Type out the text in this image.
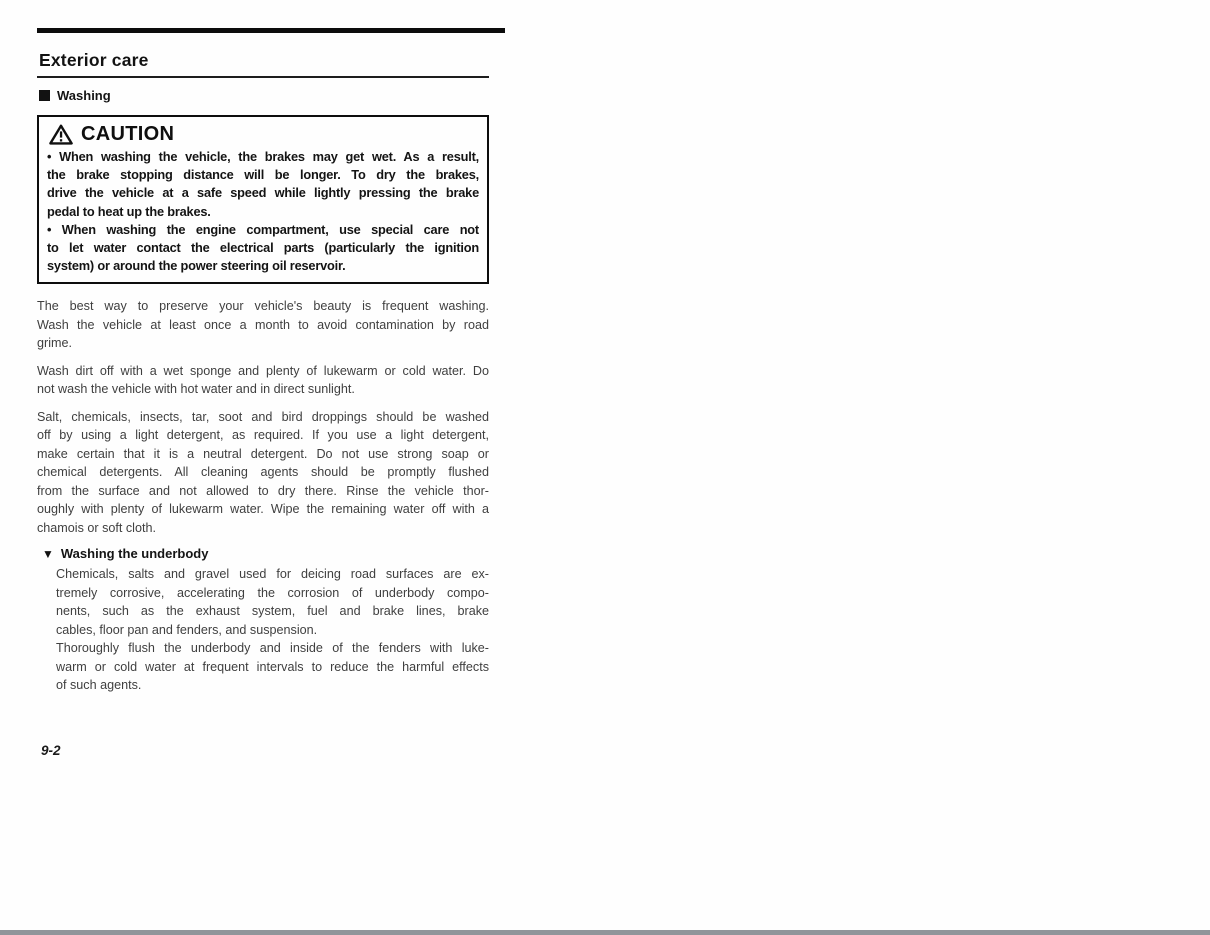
Exterior care
Washing
CAUTION
• When washing the vehicle, the brakes may get wet. As a result,
the brake stopping distance will be longer. To dry the brakes,
drive the vehicle at a safe speed while lightly pressing the brake
pedal to heat up the brakes.
• When washing the engine compartment, use special care not
to let water contact the electrical parts (particularly the ignition
system) or around the power steering oil reservoir.
The best way to preserve your vehicle's beauty is frequent washing.
Wash the vehicle at least once a month to avoid contamination by road
grime.
Wash dirt off with a wet sponge and plenty of lukewarm or cold water. Do
not wash the vehicle with hot water and in direct sunlight.
Salt, chemicals, insects, tar, soot and bird droppings should be washed
off by using a light detergent, as required. If you use a light detergent,
make certain that it is a neutral detergent. Do not use strong soap or
chemical detergents. All cleaning agents should be promptly flushed
from the surface and not allowed to dry there. Rinse the vehicle thor-
oughly with plenty of lukewarm water. Wipe the remaining water off with a
chamois or soft cloth.
▼ Washing the underbody
Chemicals, salts and gravel used for deicing road surfaces are ex-
tremely corrosive, accelerating the corrosion of underbody compo-
nents, such as the exhaust system, fuel and brake lines, brake
cables, floor pan and fenders, and suspension.
Thoroughly flush the underbody and inside of the fenders with luke-
warm or cold water at frequent intervals to reduce the harmful effects
of such agents.
9-2
